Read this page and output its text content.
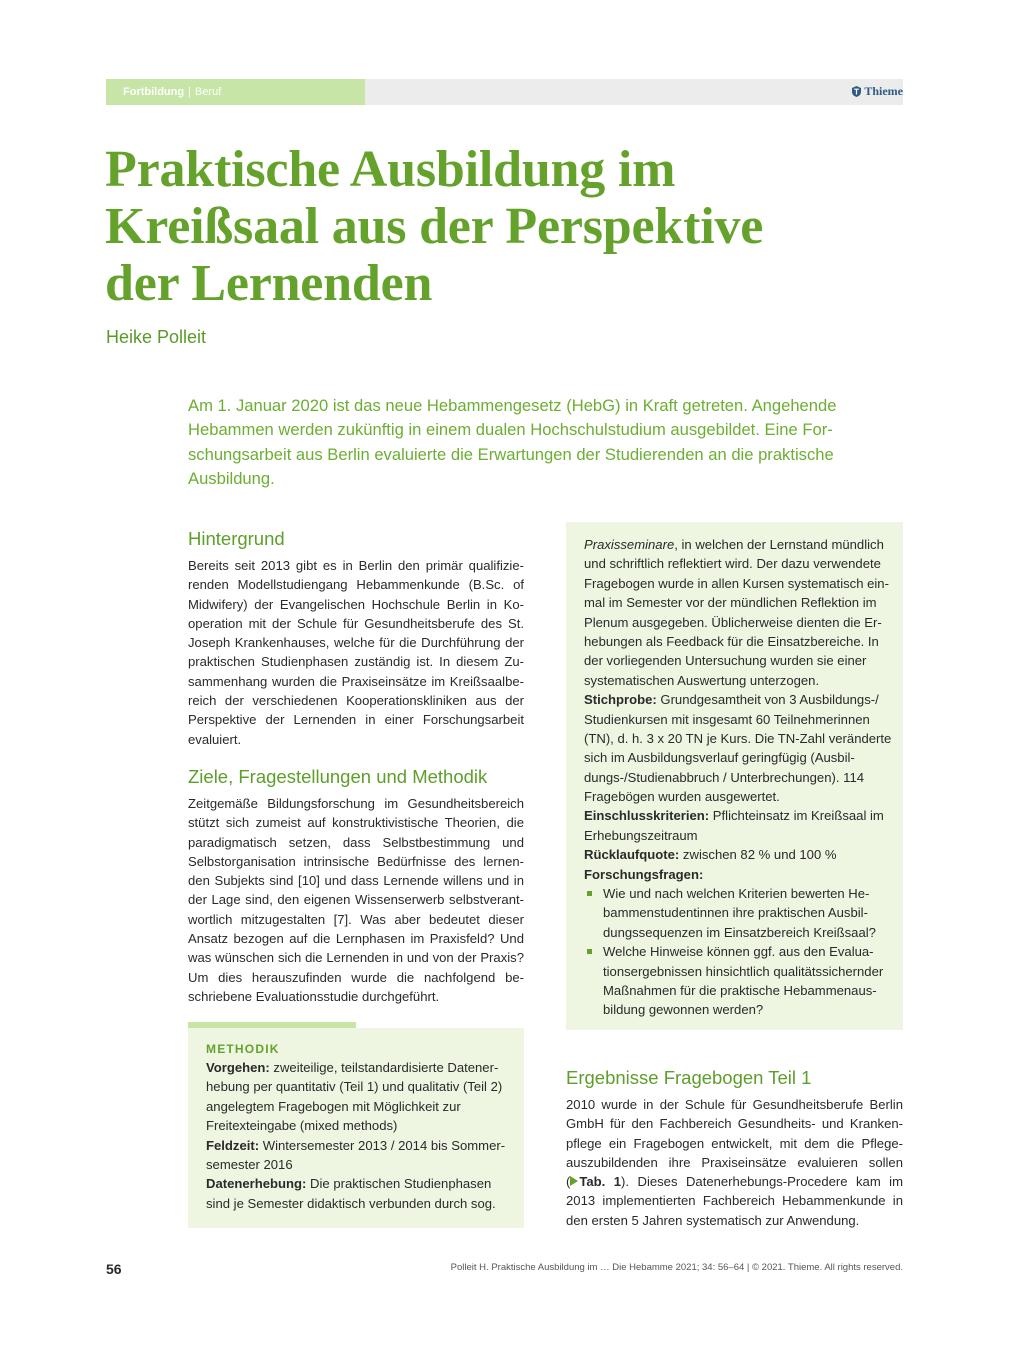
Fortbildung | Beruf	Thieme
Praktische Ausbildung im
Kreißsaal aus der Perspektive
der Lernenden
Heike Polleit
Am 1. Januar 2020 ist das neue Hebammengesetz (HebG) in Kraft getreten. Angehende
Hebammen werden zukünftig in einem dualen Hochschulstudium ausgebildet. Eine For-
schungsarbeit aus Berlin evaluierte die Erwartungen der Studierenden an die praktische
Ausbildung.
Hintergrund
Bereits seit 2013 gibt es in Berlin den primär qualifizie-
renden Modellstudiengang Hebammenkunde (B.Sc. of
Midwifery) der Evangelischen Hochschule Berlin in Ko-
operation mit der Schule für Gesundheitsberufe des St.
Joseph Krankenhauses, welche für die Durchführung der
praktischen Studienphasen zuständig ist. In diesem Zu-
sammenhang wurden die Praxiseinsätze im Kreißsaalbe-
reich der verschiedenen Kooperationskliniken aus der
Perspektive der Lernenden in einer Forschungsarbeit
evaluiert.
Ziele, Fragestellungen und Methodik
Zeitgemäße Bildungsforschung im Gesundheitsbereich
stützt sich zumeist auf konstruktivistische Theorien, die
paradigmatisch setzen, dass Selbstbestimmung und
Selbstorganisation intrinsische Bedürfnisse des lernen-
den Subjekts sind [10] und dass Lernende willens und in
der Lage sind, den eigenen Wissenserwerb selbstverant-
wortlich mitzugestalten [7]. Was aber bedeutet dieser
Ansatz bezogen auf die Lernphasen im Praxisfeld? Und
was wünschen sich die Lernenden in und von der Praxis?
Um dies herauszufinden wurde die nachfolgend be-
schriebene Evaluationsstudie durchgeführt.
METHODIK
Vorgehen: zweiteilige, teilstandardisierte Datener-
hebung per quantitativ (Teil 1) und qualitativ (Teil 2)
angelegtem Fragebogen mit Möglichkeit zur
Freitexteingabe (mixed methods)
Feldzeit: Wintersemester 2013 / 2014 bis Sommer-
semester 2016
Datenerhebung: Die praktischen Studienphasen
sind je Semester didaktisch verbunden durch sog.
Praxisseminare, in welchen der Lernstand mündlich
und schriftlich reflektiert wird. Der dazu verwendete
Fragebogen wurde in allen Kursen systematisch ein-
mal im Semester vor der mündlichen Reflektion im
Plenum ausgegeben. Üblicherweise dienten die Er-
hebungen als Feedback für die Einsatzbereiche. In
der vorliegenden Untersuchung wurden sie einer
systematischen Auswertung unterzogen.
Stichprobe: Grundgesamtheit von 3 Ausbildungs-/
Studienkursen mit insgesamt 60 Teilnehmerinnen
(TN), d. h. 3 x 20 TN je Kurs. Die TN-Zahl veränderte
sich im Ausbildungsverlauf geringfügig (Ausbil-
dungs-/Studienabbruch / Unterbrechungen). 114
Fragebögen wurden ausgewertet.
Einschlusskriterien: Pflichteinsatz im Kreißsaal im
Erhebungszeitraum
Rücklaufquote: zwischen 82 % und 100 %
Forschungsfragen:
Wie und nach welchen Kriterien bewerten He-
bammenstudentinnen ihre praktischen Ausbil-
dungssequenzen im Einsatzbereich Kreißsaal?
Welche Hinweise können ggf. aus den Evalua-
tionsergebnissen hinsichtlich qualitätssichernder
Maßnahmen für die praktische Hebammenaus-
bildung gewonnen werden?
Ergebnisse Fragebogen Teil 1
2010 wurde in der Schule für Gesundheitsberufe Berlin
GmbH für den Fachbereich Gesundheits- und Kranken-
pflege ein Fragebogen entwickelt, mit dem die Pflege-
auszubildenden ihre Praxiseinsätze evaluieren sollen
( Tab. 1). Dieses Datenerhebungs-Procedere kam im
2013 implementierten Fachbereich Hebammenkunde in
den ersten 5 Jahren systematisch zur Anwendung.
56	Polleit H. Praktische Ausbildung im … Die Hebamme 2021; 34: 56–64 | © 2021. Thieme. All rights reserved.
